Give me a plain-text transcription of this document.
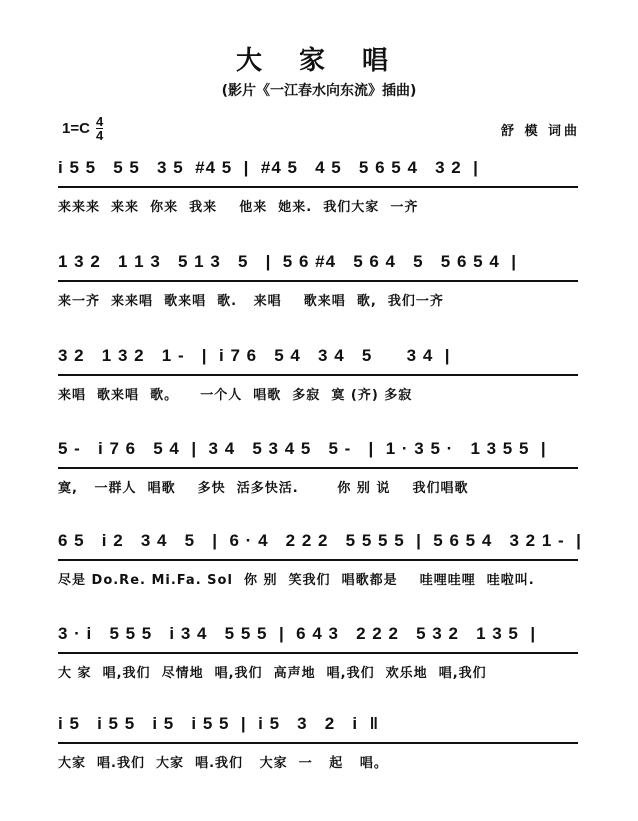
大 家 唱
(影片《一江春水向东流》插曲)
$1=C \frac{4}{4}$	舒 模 词曲
i 5 5   5 5   3 5  #4 5  |  #4 5   4 5   5 6 5 4   3 2  |
来来来  来来  你来  我来    他来  她来.  我们大家  一齐
1 3 2   1 1 3   5 1 3   5   |  5 6 #4   5 6 4   5   5 6 5 4  |
来一齐  来来唱  歌来唱  歌.   来唱    歌来唱  歌,  我们一齐
3 2   1 3 2   1 -   |  i 7 6   5 4   3 4   5      3 4  |
来唱  歌来唱  歌。    一个人  唱歌  多寂  寞 (齐) 多寂
5 -   i 7 6   5 4  |  3 4   5 3 4 5   5 -   |  1 · 3 5 ·   1 3 5 5  |
寞,   一群人  唱歌    多快  活多快活.       你 别 说    我们唱歌
6 5   i 2   3 4   5   |  6 · 4   2 2 2   5 5 5 5  |  5 6 5 4   3 2 1 -  |
尽是 Do.Re. Mi.Fa. Sol  你 别  笑我们  唱歌都是    哇哩哇哩  哇啦叫.
3 · i   5 5 5   i 3 4   5 5 5  |  6 4 3   2 2 2   5 3 2   1 3 5  |
大 家  唱,我们  尽情地  唱,我们  高声地  唱,我们  欢乐地  唱,我们
i 5   i 5 5   i 5   i 5 5  |  i 5   3   2   i  ‖
大家  唱.我们  大家  唱.我们   大家  一   起   唱。
